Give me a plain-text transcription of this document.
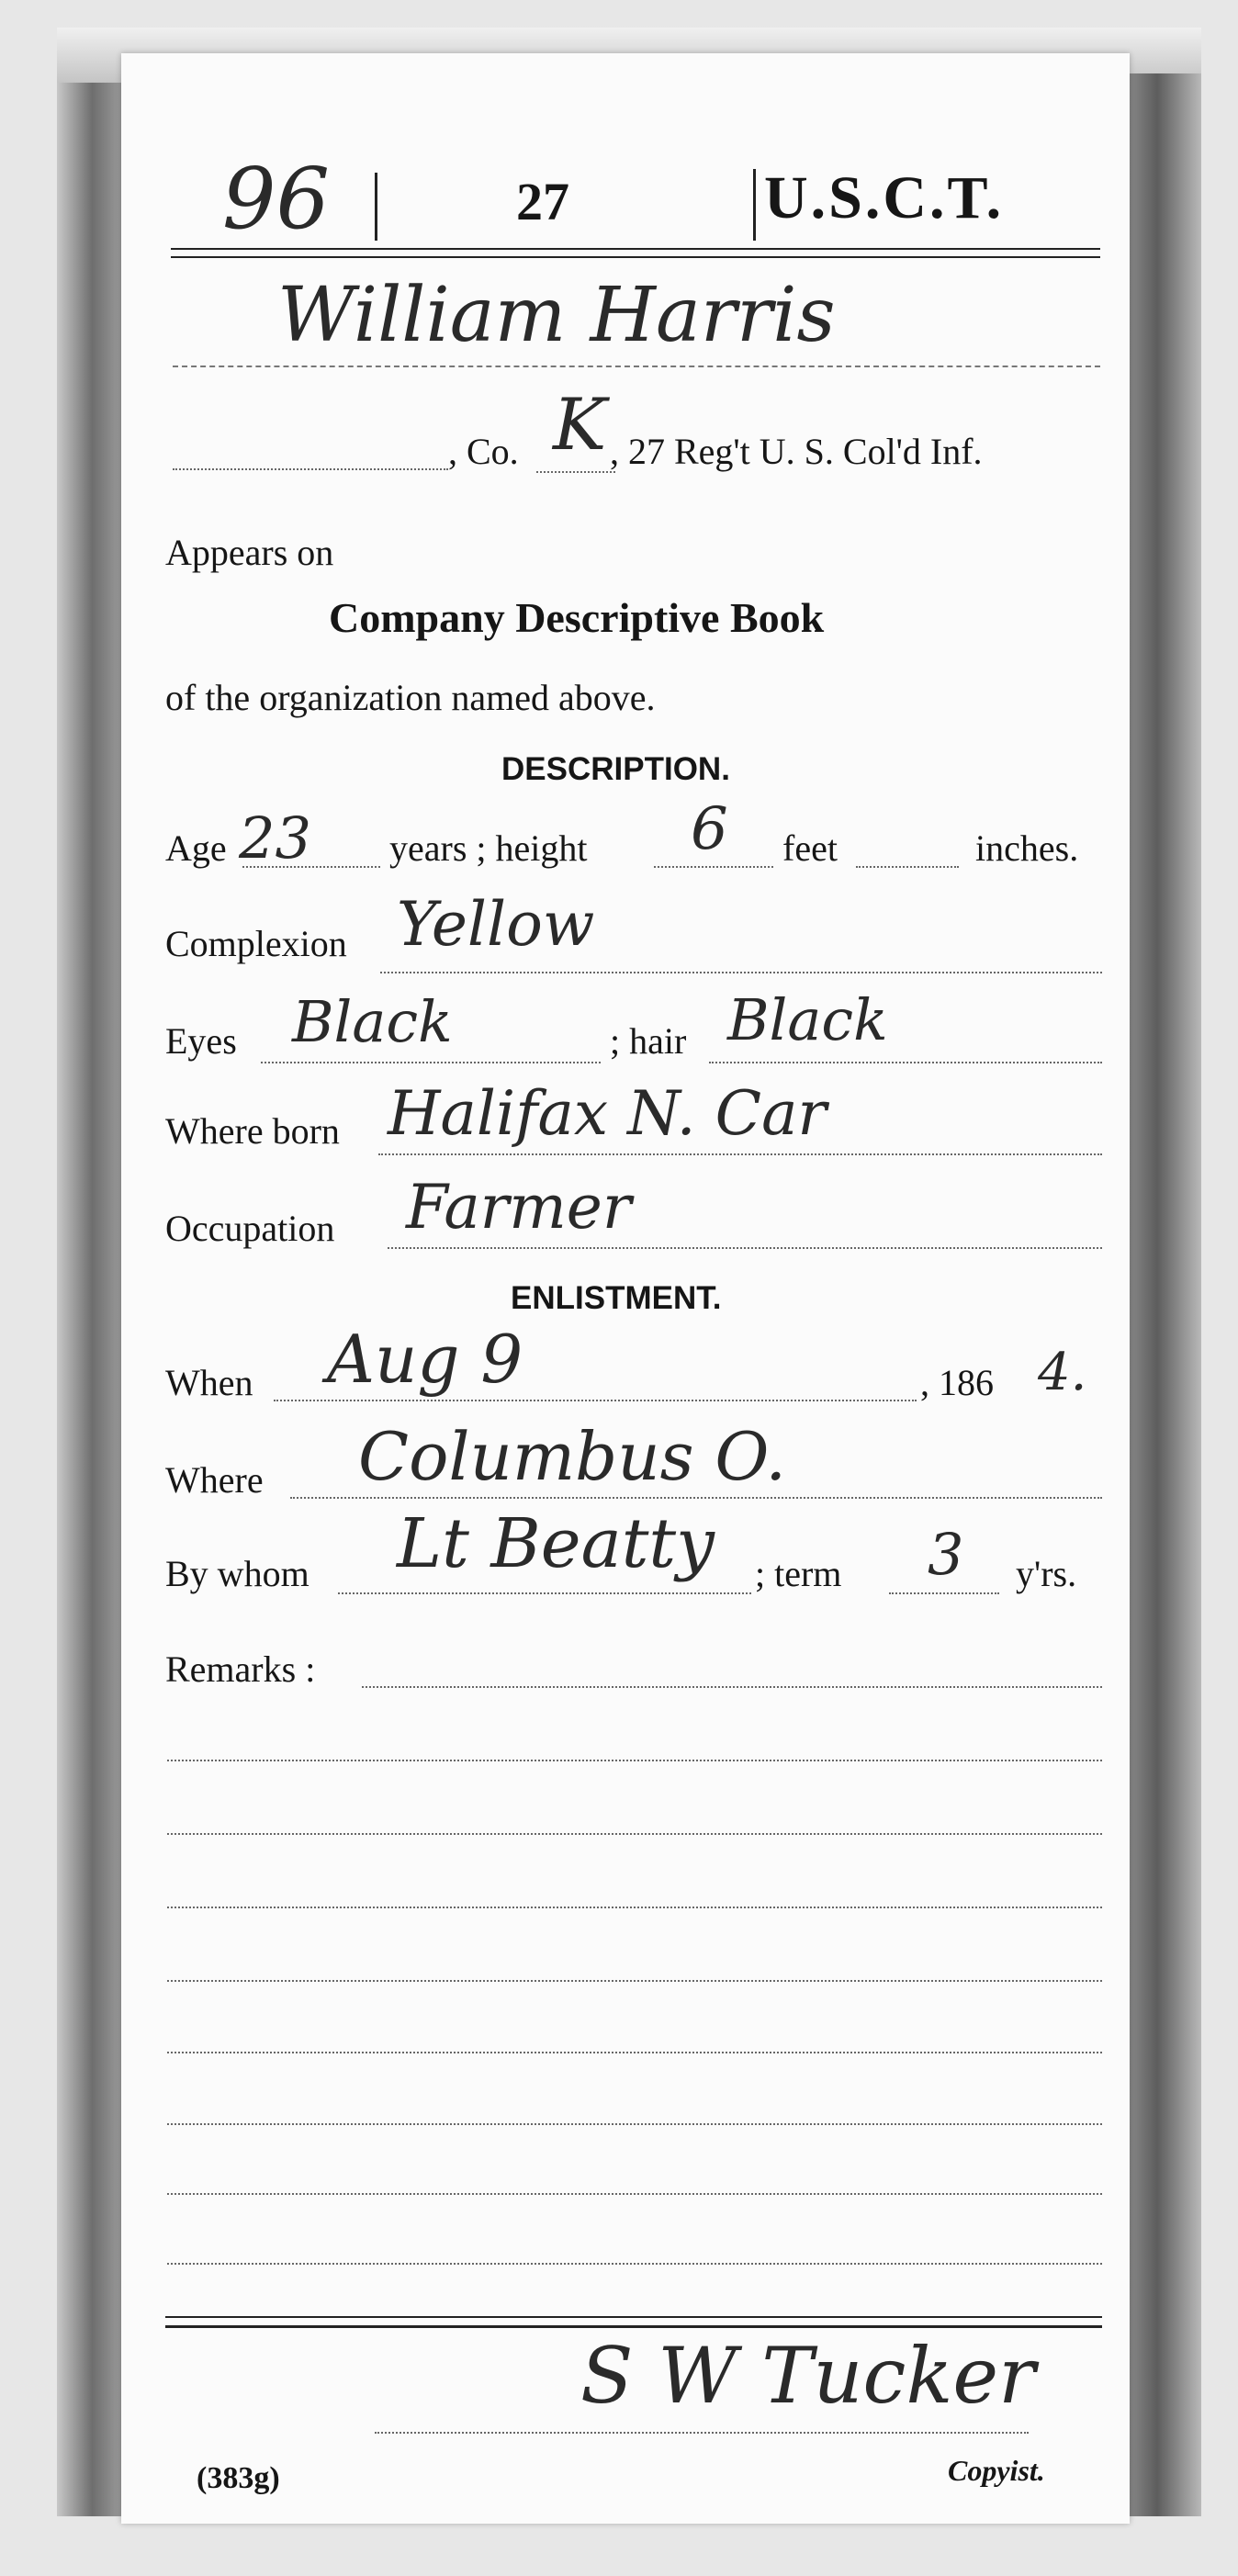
96	27	U.S.C.T.
William Harris
, Co. K , 27 Reg't U. S. Col'd Inf.
Appears on
Company Descriptive Book
of the organization named above.
DESCRIPTION.
Age 23 years ; height 6 feet	inches.
Complexion Yellow
Eyes Black	; hair Black
Where born Halifax N. Car
Occupation Farmer
ENLISTMENT.
When Aug 9	, 186 4.
Where Columbus O.
By whom Lt Beatty ; term 3 y'rs.
Remarks :
S W Tucker
(383g)	Copyist.
